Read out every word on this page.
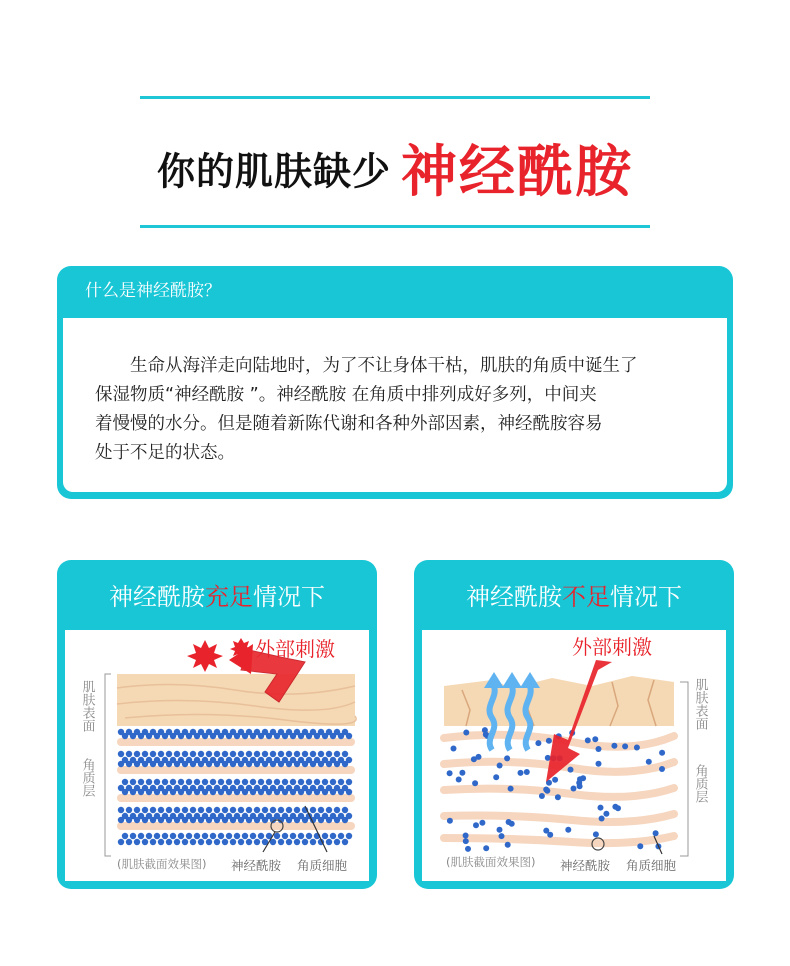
你的肌肤缺少 神经酰胺
什么是神经酰胺？
　　生命从海洋走向陆地时，为了不让身体干枯，肌肤的角质中诞生了
保湿物质“神经酰胺 ”。神经酰胺 在角质中排列成好多列，中间夹
着慢慢的水分。但是随着新陈代谢和各种外部因素，神经酰胺容易
处于不足的状态。
神经酰胺充足情况下
肌肤表面
角质层
外部刺激
(肌肤截面效果图) 神经酰胺 角质细胞
神经酰胺不足情况下
外部刺激
肌肤表面
角质层
(肌肤截面效果图) 神经酰胺 角质细胞
